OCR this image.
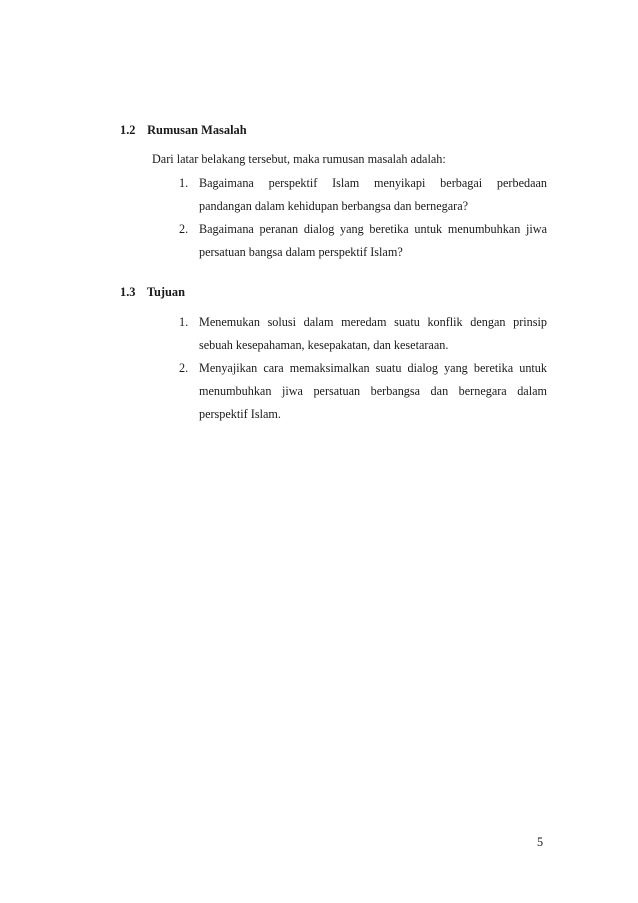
1.2 Rumusan Masalah
Dari latar belakang tersebut, maka rumusan masalah adalah:
1. Bagaimana perspektif Islam menyikapi berbagai perbedaan
pandangan dalam kehidupan berbangsa dan bernegara?
2. Bagaimana peranan dialog yang beretika untuk menumbuhkan jiwa
persatuan bangsa dalam perspektif Islam?
1.3 Tujuan
1. Menemukan solusi dalam meredam suatu konflik dengan prinsip
sebuah kesepahaman, kesepakatan, dan kesetaraan.
2. Menyajikan cara memaksimalkan suatu dialog yang beretika untuk
menumbuhkan jiwa persatuan berbangsa dan bernegara dalam
perspektif Islam.
5
